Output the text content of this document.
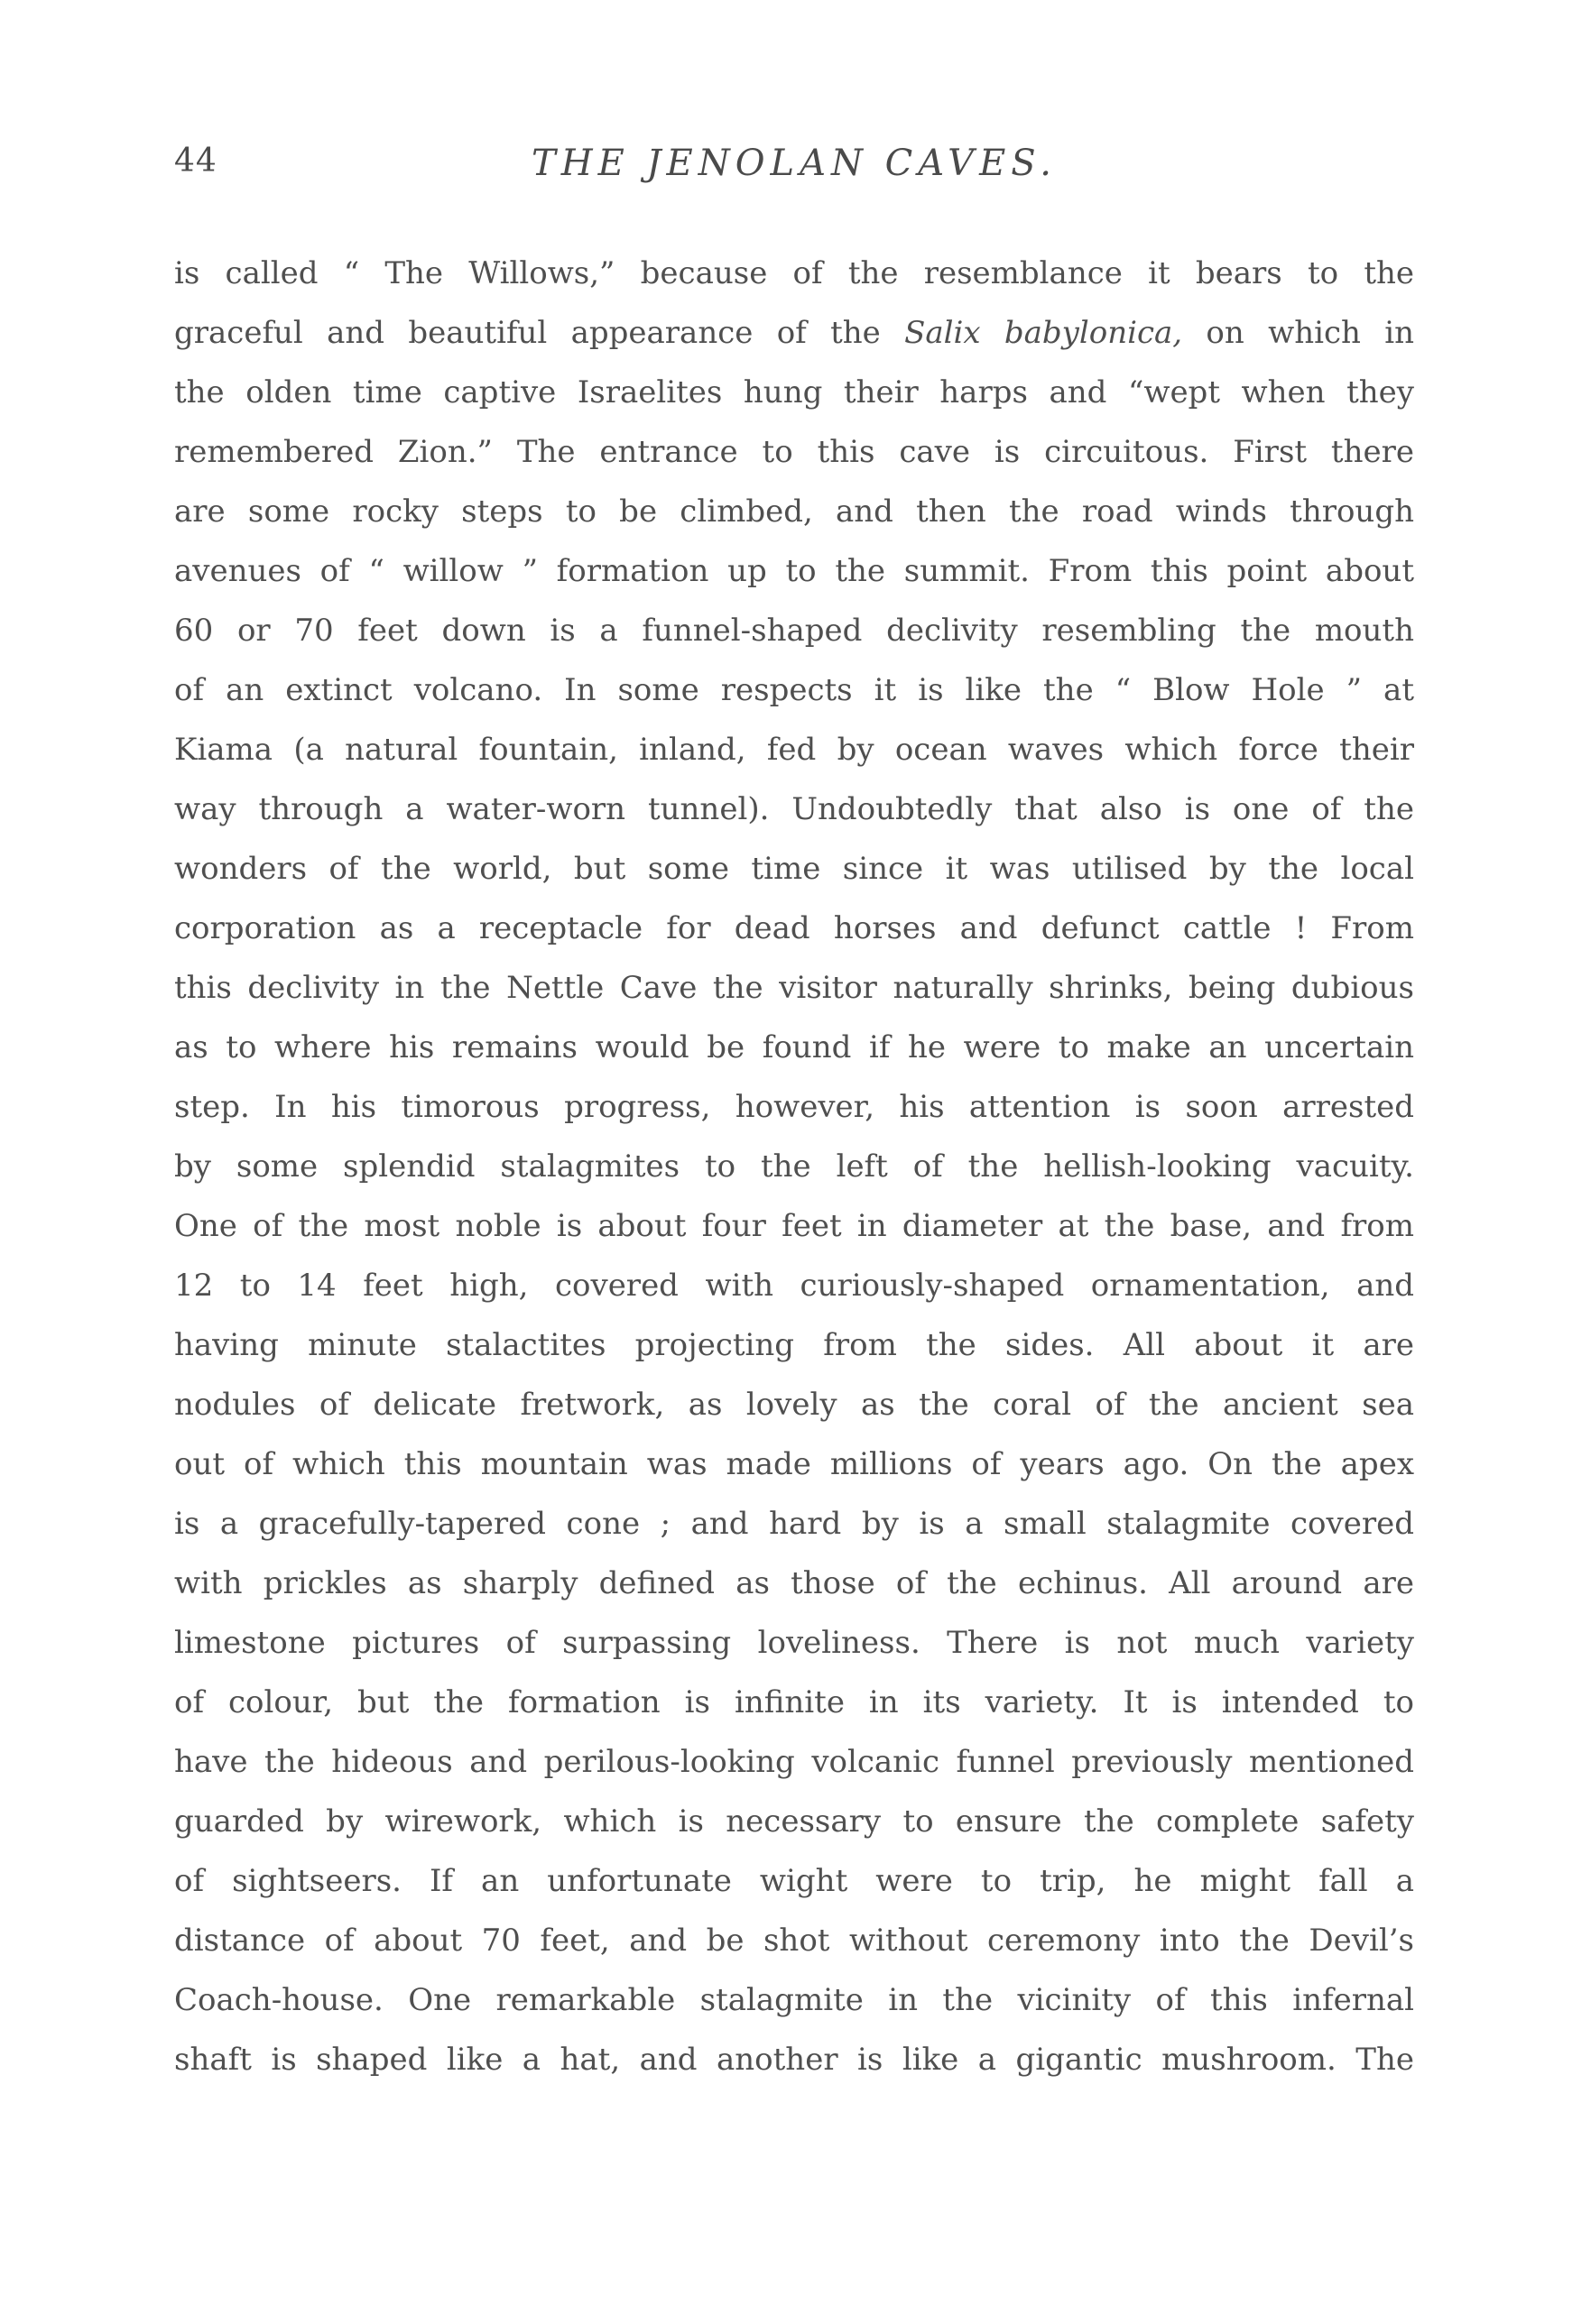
44	THE JENOLAN CAVES.
is called “ The Willows,” because of the resemblance it bears to the
graceful and beautiful appearance of the Salix babylonica, on which in
the olden time captive Israelites hung their harps and “wept when they
remembered Zion.” The entrance to this cave is circuitous. First there
are some rocky steps to be climbed, and then the road winds through
avenues of “ willow ” formation up to the summit. From this point about
60 or 70 feet down is a funnel-shaped declivity resembling the mouth
of an extinct volcano. In some respects it is like the “ Blow Hole ” at
Kiama (a natural fountain, inland, fed by ocean waves which force their
way through a water-worn tunnel). Undoubtedly that also is one of the
wonders of the world, but some time since it was utilised by the local
corporation as a receptacle for dead horses and defunct cattle ! From
this declivity in the Nettle Cave the visitor naturally shrinks, being dubious
as to where his remains would be found if he were to make an uncertain
step. In his timorous progress, however, his attention is soon arrested
by some splendid stalagmites to the left of the hellish-looking vacuity.
One of the most noble is about four feet in diameter at the base, and from
12 to 14 feet high, covered with curiously-shaped ornamentation, and
having minute stalactites projecting from the sides. All about it are
nodules of delicate fretwork, as lovely as the coral of the ancient sea
out of which this mountain was made millions of years ago. On the apex
is a gracefully-tapered cone ; and hard by is a small stalagmite covered
with prickles as sharply defined as those of the echinus. All around are
limestone pictures of surpassing loveliness. There is not much variety
of colour, but the formation is infinite in its variety. It is intended to
have the hideous and perilous-looking volcanic funnel previously mentioned
guarded by wirework, which is necessary to ensure the complete safety
of sightseers. If an unfortunate wight were to trip, he might fall a
distance of about 70 feet, and be shot without ceremony into the Devil’s
Coach-house. One remarkable stalagmite in the vicinity of this infernal
shaft is shaped like a hat, and another is like a gigantic mushroom. The
